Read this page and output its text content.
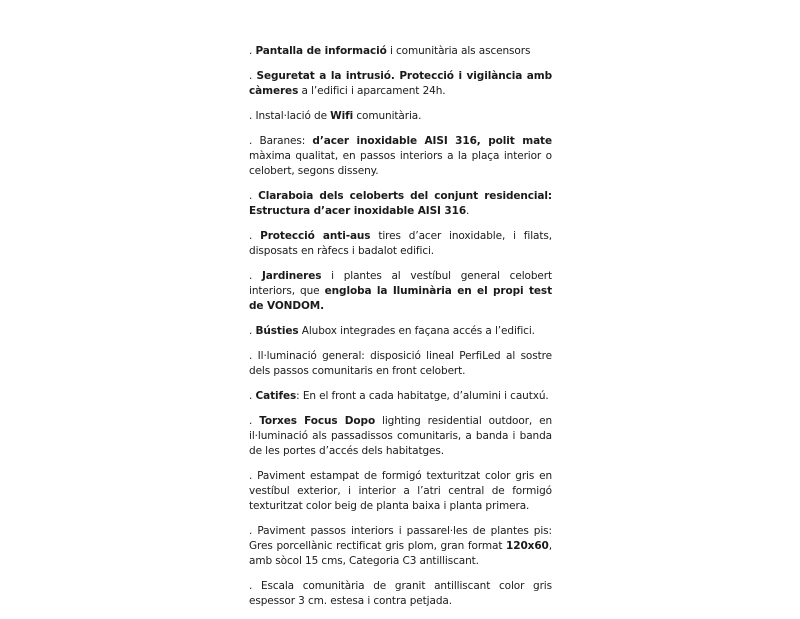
. Pantalla de informació i comunitària als ascensors

. Seguretat a la intrusió. Protecció i vigilància amb càmeres a l’edifici i aparcament 24h.

. Instal·lació de Wifi comunitària.

. Baranes: d’acer inoxidable AISI 316, polit mate màxima qualitat, en passos interiors a la plaça interior o celobert, segons disseny.

. Claraboia dels celoberts del conjunt residencial: Estructura d’acer inoxidable AISI 316.

. Protecció anti-aus tires d’acer inoxidable, i filats, disposats en ràfecs i badalot edifici.

. Jardineres i plantes al vestíbul general celobert interiors, que engloba la Iluminària en el propi test de VONDOM.

. Bústies Alubox integrades en façana accés a l’edifici.

. Il·luminació general: disposició lineal PerfiLed al sostre dels passos comunitaris en front celobert.

. Catifes: En el front a cada habitatge, d’alumini i cautxú.

. Torxes Focus Dopo lighting residential outdoor, en il·luminació als passadissos comunitaris, a banda i banda de les portes d’accés dels habitatges.

. Paviment estampat de formigó texturitzat color gris en vestíbul exterior, i interior a l’atri central de formigó texturitzat color beig de planta baixa i planta primera.

. Paviment passos interiors i passarel·les de plantes pis: Gres porcellànic rectificat gris plom, gran format 120x60, amb sòcol 15 cms, Categoria C3 antilliscant.

. Escala comunitària de granit antilliscant color gris espessor 3 cm. estesa i contra petjada.
